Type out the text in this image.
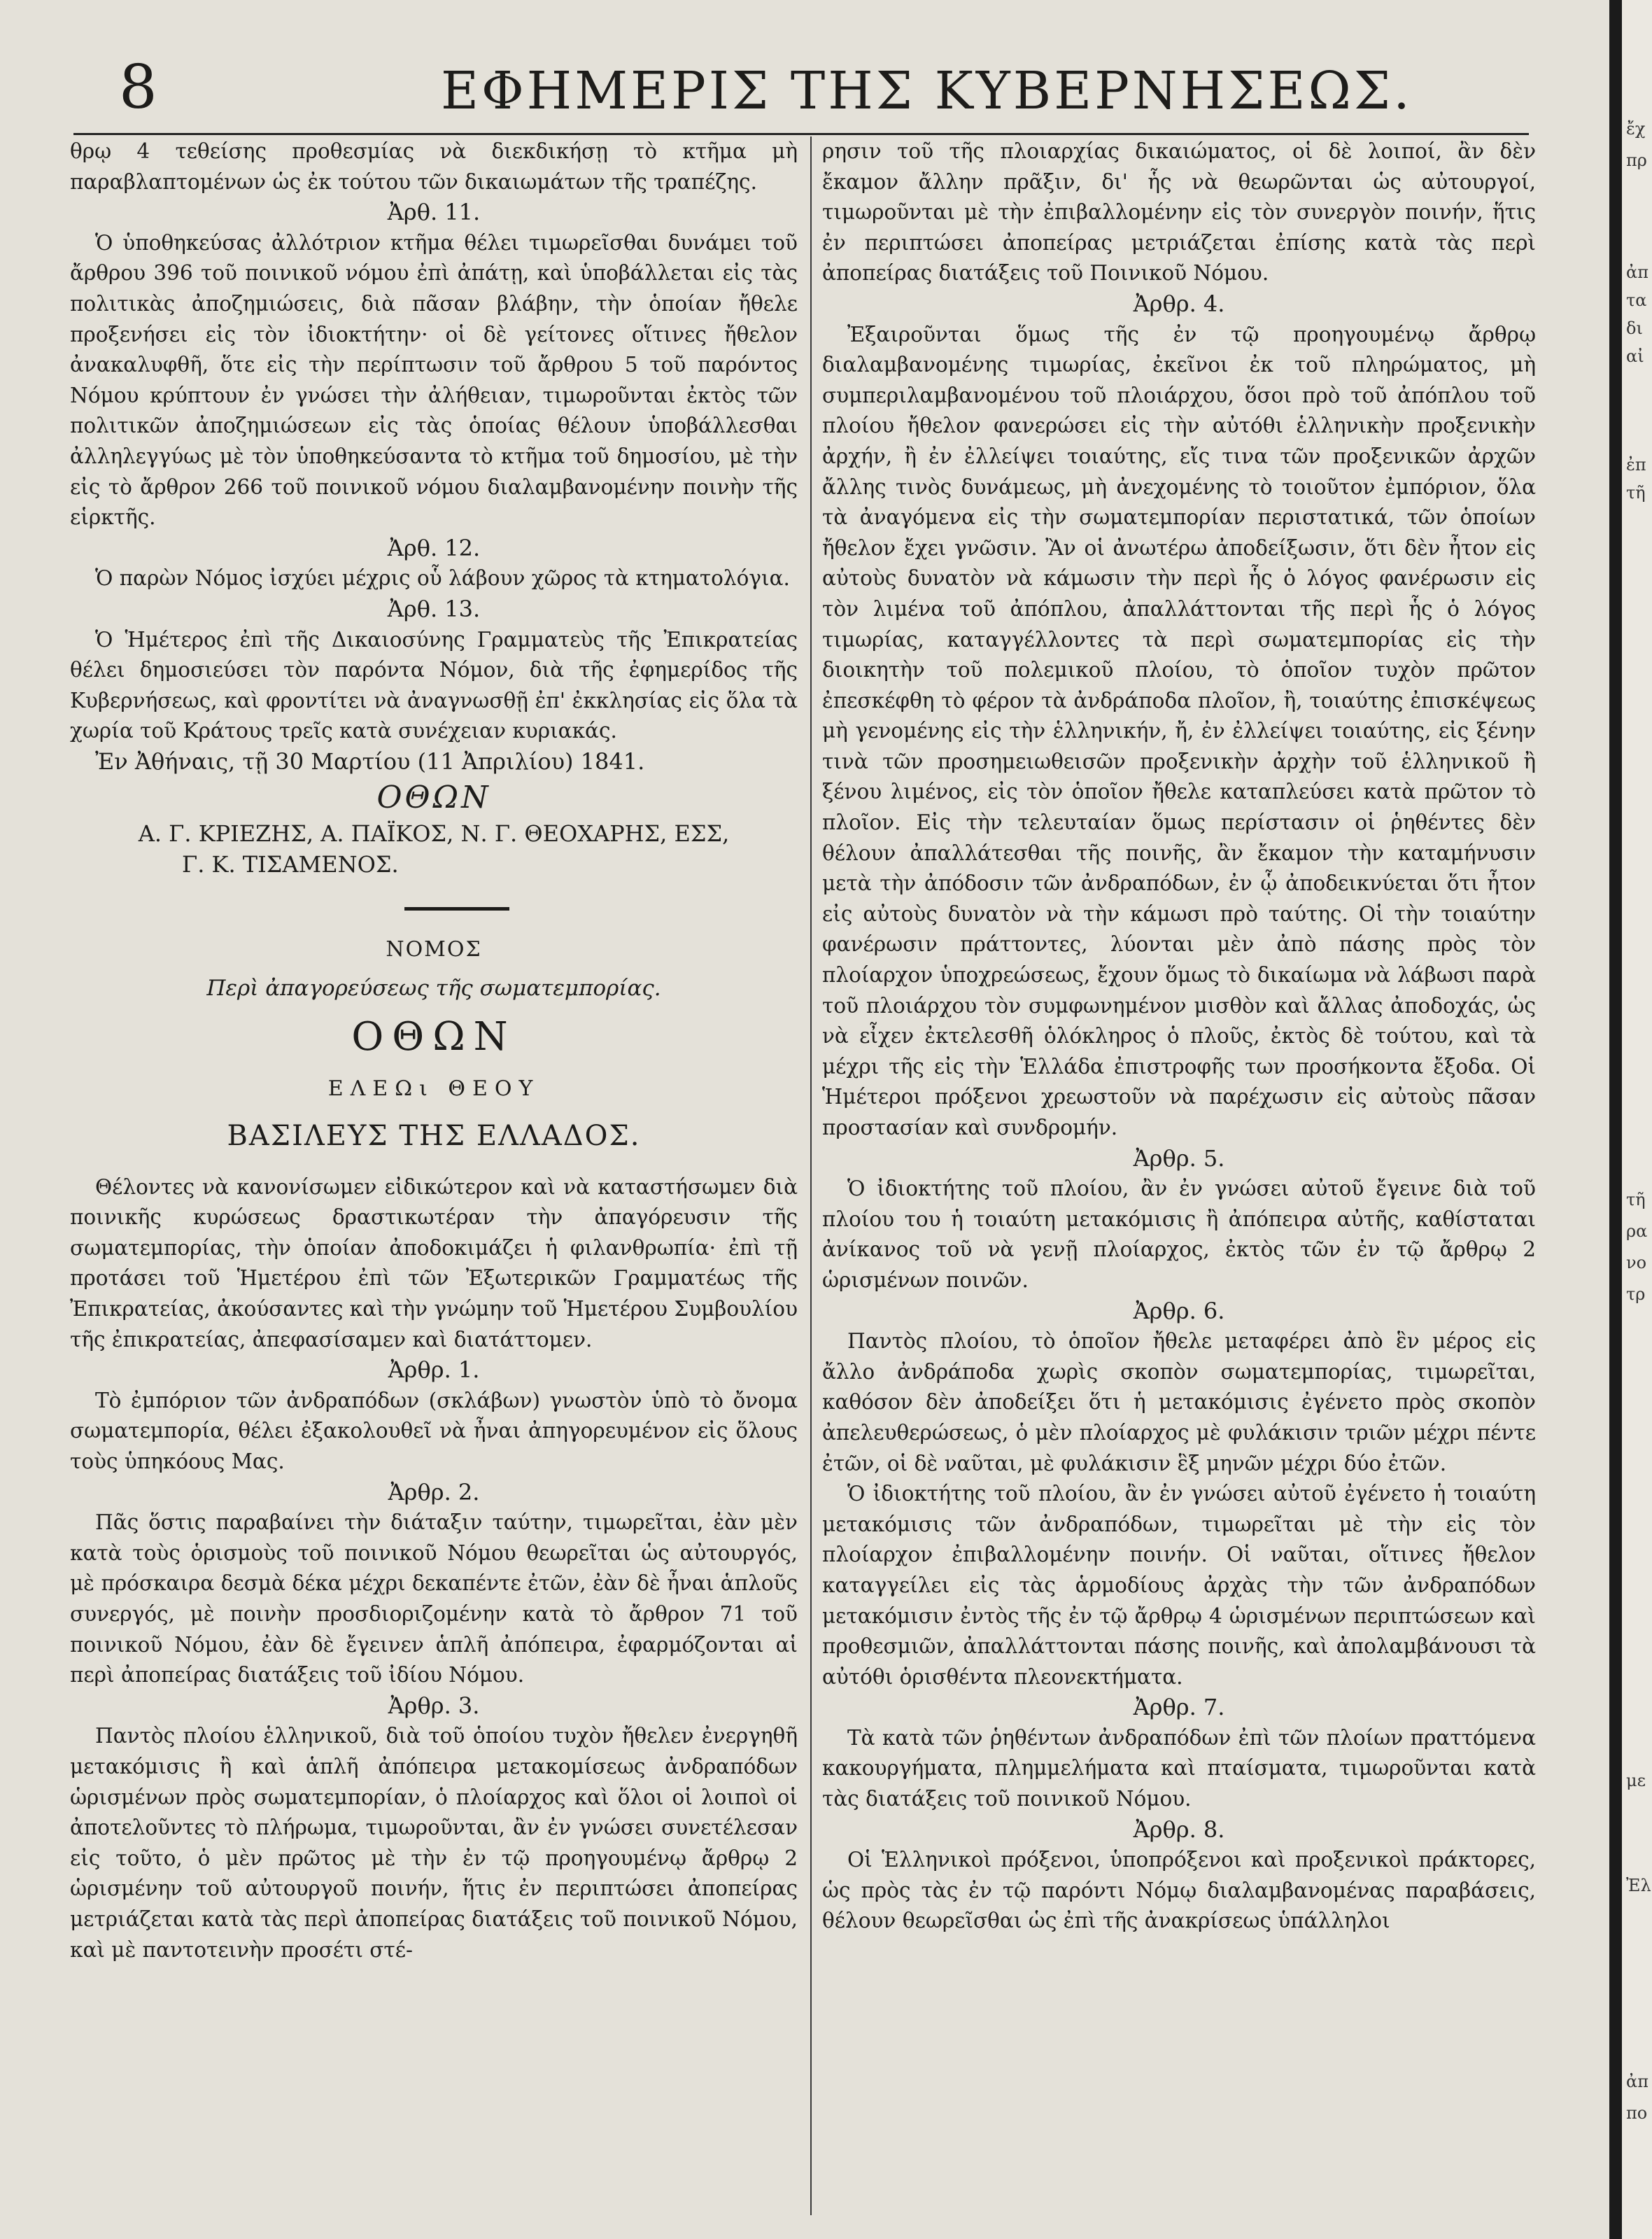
8	ΕΦΗΜΕΡΙΣ ΤΗΣ ΚΥΒΕΡΝΗΣΕΩΣ.

θρῳ 4 τεθείσης προθεσμίας νὰ διεκδικήσῃ τὸ κτῆμα μὴ παραβλαπτομένων ὡς ἐκ τούτου τῶν δικαιωμάτων τῆς τραπέζης.

Ἀρθ. 11.

Ὁ ὑποθηκεύσας ἀλλότριον κτῆμα θέλει τιμωρεῖσθαι δυνάμει τοῦ ἄρθρου 396 τοῦ ποινικοῦ νόμου ἐπὶ ἀπάτῃ, καὶ ὑποβάλλεται εἰς τὰς πολιτικὰς ἀποζημιώσεις, διὰ πᾶσαν βλάβην, τὴν ὁποίαν ἤθελε προξενήσει εἰς τὸν ἰδιοκτήτην· οἱ δὲ γείτονες οἵτινες ἤθελον ἀνακαλυφθῆ, ὅτε εἰς τὴν περίπτωσιν τοῦ ἄρθρου 5 τοῦ παρόντος Νόμου κρύπτουν ἐν γνώσει τὴν ἀλήθειαν, τιμωροῦνται ἐκτὸς τῶν πολιτικῶν ἀποζημιώσεων εἰς τὰς ὁποίας θέλουν ὑποβάλλεσθαι ἀλληλεγγύως μὲ τὸν ὑποθηκεύσαντα τὸ κτῆμα τοῦ δημοσίου, μὲ τὴν εἰς τὸ ἄρθρον 266 τοῦ ποινικοῦ νόμου διαλαμβανομένην ποινὴν τῆς εἱρκτῆς.

Ἀρθ. 12.

Ὁ παρὼν Νόμος ἰσχύει μέχρις οὗ λάβουν χῶρος τὰ κτηματολόγια.

Ἀρθ. 13.

Ὁ Ἡμέτερος ἐπὶ τῆς Δικαιοσύνης Γραμματεὺς τῆς Ἐπικρατείας θέλει δημοσιεύσει τὸν παρόντα Νόμον, διὰ τῆς ἐφημερίδος τῆς Κυβερνήσεως, καὶ φροντίτει νὰ ἀναγνωσθῇ ἐπ' ἐκκλησίας εἰς ὅλα τὰ χωρία τοῦ Κράτους τρεῖς κατὰ συνέχειαν κυριακάς.

Ἐν Ἀθήναις, τῇ 30 Μαρτίου (11 Ἀπριλίου) 1841.

ΟΘΩΝ

Α. Γ. ΚΡΙΕΖΗΣ, Α. ΠΑΪΚΟΣ, Ν. Γ. ΘΕΟΧΑΡΗΣ, ΕΣΣ,

Γ. Κ. ΤΙΣΑΜΕΝΟΣ.

ΝΟΜΟΣ

Περὶ ἀπαγορεύσεως τῆς σωματεμπορίας.

ΟΘΩΝ

ΕΛΕΩι ΘΕΟΥ

ΒΑΣΙΛΕΥΣ ΤΗΣ ΕΛΛΑΔΟΣ.

Θέλοντες νὰ κανονίσωμεν εἰδικώτερον καὶ νὰ καταστήσωμεν διὰ ποινικῆς κυρώσεως δραστικωτέραν τὴν ἀπαγόρευσιν τῆς σωματεμπορίας, τὴν ὁποίαν ἀποδοκιμάζει ἡ φιλανθρωπία· ἐπὶ τῇ προτάσει τοῦ Ἡμετέρου ἐπὶ τῶν Ἐξωτερικῶν Γραμματέως τῆς Ἐπικρατείας, ἀκούσαντες καὶ τὴν γνώμην τοῦ Ἡμετέρου Συμβουλίου τῆς ἐπικρατείας, ἀπεφασίσαμεν καὶ διατάττομεν.

Ἀρθρ. 1.

Τὸ ἐμπόριον τῶν ἀνδραπόδων (σκλάβων) γνωστὸν ὑπὸ τὸ ὄνομα σωματεμπορία, θέλει ἐξακολουθεῖ νὰ ἦναι ἀπηγορευμένον εἰς ὅλους τοὺς ὑπηκόους Μας.

Ἀρθρ. 2.

Πᾶς ὅστις παραβαίνει τὴν διάταξιν ταύτην, τιμωρεῖται, ἐὰν μὲν κατὰ τοὺς ὁρισμοὺς τοῦ ποινικοῦ Νόμου θεωρεῖται ὡς αὐτουργός, μὲ πρόσκαιρα δεσμὰ δέκα μέχρι δεκαπέντε ἐτῶν, ἐὰν δὲ ἦναι ἁπλοῦς συνεργός, μὲ ποινὴν προσδιοριζομένην κατὰ τὸ ἄρθρον 71 τοῦ ποινικοῦ Νόμου, ἐὰν δὲ ἔγεινεν ἁπλῆ ἀπόπειρα, ἐφαρμόζονται αἱ περὶ ἀποπείρας διατάξεις τοῦ ἰδίου Νόμου.

Ἀρθρ. 3.

Παντὸς πλοίου ἑλληνικοῦ, διὰ τοῦ ὁποίου τυχὸν ἤθελεν ἐνεργηθῆ μετακόμισις ἢ καὶ ἁπλῆ ἀπόπειρα μετακομίσεως ἀνδραπόδων ὡρισμένων πρὸς σωματεμπορίαν, ὁ πλοίαρχος καὶ ὅλοι οἱ λοιποὶ οἱ ἀποτελοῦντες τὸ πλήρωμα, τιμωροῦνται, ἂν ἐν γνώσει συνετέλεσαν εἰς τοῦτο, ὁ μὲν πρῶτος μὲ τὴν ἐν τῷ προηγουμένῳ ἄρθρῳ 2 ὡρισμένην τοῦ αὐτουργοῦ ποινήν, ἥτις ἐν περιπτώσει ἀποπείρας μετριάζεται κατὰ τὰς περὶ ἀποπείρας διατάξεις τοῦ ποινικοῦ Νόμου, καὶ μὲ παντοτεινὴν προσέτι στέ-

ρησιν τοῦ τῆς πλοιαρχίας δικαιώματος, οἱ δὲ λοιποί, ἂν δὲν ἔκαμον ἄλλην πρᾶξιν, δι' ἧς νὰ θεωρῶνται ὡς αὐτουργοί, τιμωροῦνται μὲ τὴν ἐπιβαλλομένην εἰς τὸν συνεργὸν ποινήν, ἥτις ἐν περιπτώσει ἀποπείρας μετριάζεται ἐπίσης κατὰ τὰς περὶ ἀποπείρας διατάξεις τοῦ Ποινικοῦ Νόμου.

Ἀρθρ. 4.

Ἐξαιροῦνται ὅμως τῆς ἐν τῷ προηγουμένῳ ἄρθρῳ διαλαμβανομένης τιμωρίας, ἐκεῖνοι ἐκ τοῦ πληρώματος, μὴ συμπεριλαμβανομένου τοῦ πλοιάρχου, ὅσοι πρὸ τοῦ ἀπόπλου τοῦ πλοίου ἤθελον φανερώσει εἰς τὴν αὐτόθι ἑλληνικὴν προξενικὴν ἀρχήν, ἢ ἐν ἐλλείψει τοιαύτης, εἴς τινα τῶν προξενικῶν ἀρχῶν ἄλλης τινὸς δυνάμεως, μὴ ἀνεχομένης τὸ τοιοῦτον ἐμπόριον, ὅλα τὰ ἀναγόμενα εἰς τὴν σωματεμπορίαν περιστατικά, τῶν ὁποίων ἤθελον ἔχει γνῶσιν. Ἂν οἱ ἀνωτέρω ἀποδείξωσιν, ὅτι δὲν ἦτον εἰς αὐτοὺς δυνατὸν νὰ κάμωσιν τὴν περὶ ἧς ὁ λόγος φανέρωσιν εἰς τὸν λιμένα τοῦ ἀπόπλου, ἀπαλλάττονται τῆς περὶ ἧς ὁ λόγος τιμωρίας, καταγγέλλοντες τὰ περὶ σωματεμπορίας εἰς τὴν διοικητὴν τοῦ πολεμικοῦ πλοίου, τὸ ὁποῖον τυχὸν πρῶτον ἐπεσκέφθη τὸ φέρον τὰ ἀνδράποδα πλοῖον, ἢ, τοιαύτης ἐπισκέψεως μὴ γενομένης εἰς τὴν ἑλληνικήν, ἤ, ἐν ἐλλείψει τοιαύτης, εἰς ξένην τινὰ τῶν προσημειωθεισῶν προξενικὴν ἀρχὴν τοῦ ἑλληνικοῦ ἢ ξένου λιμένος, εἰς τὸν ὁποῖον ἤθελε καταπλεύσει κατὰ πρῶτον τὸ πλοῖον. Εἰς τὴν τελευταίαν ὅμως περίστασιν οἱ ῥηθέντες δὲν θέλουν ἀπαλλάτεσθαι τῆς ποινῆς, ἂν ἔκαμον τὴν καταμήνυσιν μετὰ τὴν ἀπόδοσιν τῶν ἀνδραπόδων, ἐν ᾧ ἀποδεικνύεται ὅτι ἦτον εἰς αὐτοὺς δυνατὸν νὰ τὴν κάμωσι πρὸ ταύτης. Οἱ τὴν τοιαύτην φανέρωσιν πράττοντες, λύονται μὲν ἀπὸ πάσης πρὸς τὸν πλοίαρχον ὑποχρεώσεως, ἔχουν ὅμως τὸ δικαίωμα νὰ λάβωσι παρὰ τοῦ πλοιάρχου τὸν συμφωνημένον μισθὸν καὶ ἄλλας ἀποδοχάς, ὡς νὰ εἶχεν ἐκτελεσθῆ ὁλόκληρος ὁ πλοῦς, ἐκτὸς δὲ τούτου, καὶ τὰ μέχρι τῆς εἰς τὴν Ἑλλάδα ἐπιστροφῆς των προσήκοντα ἔξοδα. Οἱ Ἡμέτεροι πρόξενοι χρεωστοῦν νὰ παρέχωσιν εἰς αὐτοὺς πᾶσαν προστασίαν καὶ συνδρομήν.

Ἀρθρ. 5.

Ὁ ἰδιοκτήτης τοῦ πλοίου, ἂν ἐν γνώσει αὐτοῦ ἔγεινε διὰ τοῦ πλοίου του ἡ τοιαύτη μετακόμισις ἢ ἀπόπειρα αὐτῆς, καθίσταται ἀνίκανος τοῦ νὰ γενῇ πλοίαρχος, ἐκτὸς τῶν ἐν τῷ ἄρθρῳ 2 ὡρισμένων ποινῶν.

Ἀρθρ. 6.

Παντὸς πλοίου, τὸ ὁποῖον ἤθελε μεταφέρει ἀπὸ ἓν μέρος εἰς ἄλλο ἀνδράποδα χωρὶς σκοπὸν σωματεμπορίας, τιμωρεῖται, καθόσον δὲν ἀποδείξει ὅτι ἡ μετακόμισις ἐγένετο πρὸς σκοπὸν ἀπελευθερώσεως, ὁ μὲν πλοίαρχος μὲ φυλάκισιν τριῶν μέχρι πέντε ἐτῶν, οἱ δὲ ναῦται, μὲ φυλάκισιν ἓξ μηνῶν μέχρι δύο ἐτῶν.

Ὁ ἰδιοκτήτης τοῦ πλοίου, ἂν ἐν γνώσει αὐτοῦ ἐγένετο ἡ τοιαύτη μετακόμισις τῶν ἀνδραπόδων, τιμωρεῖται μὲ τὴν εἰς τὸν πλοίαρχον ἐπιβαλλομένην ποινήν. Οἱ ναῦται, οἵτινες ἤθελον καταγγείλει εἰς τὰς ἁρμοδίους ἀρχὰς τὴν τῶν ἀνδραπόδων μετακόμισιν ἐντὸς τῆς ἐν τῷ ἄρθρῳ 4 ὡρισμένων περιπτώσεων καὶ προθεσμιῶν, ἀπαλλάττονται πάσης ποινῆς, καὶ ἀπολαμβάνουσι τὰ αὐτόθι ὁρισθέντα πλεονεκτήματα.

Ἀρθρ. 7.

Τὰ κατὰ τῶν ῥηθέντων ἀνδραπόδων ἐπὶ τῶν πλοίων πραττόμενα κακουργήματα, πλημμελήματα καὶ πταίσματα, τιμωροῦνται κατὰ τὰς διατάξεις τοῦ ποινικοῦ Νόμου.

Ἀρθρ. 8.

Οἱ Ἑλληνικοὶ πρόξενοι, ὑποπρόξενοι καὶ προξενικοὶ πράκτορες, ὡς πρὸς τὰς ἐν τῷ παρόντι Νόμῳ διαλαμβανομένας παραβάσεις, θέλουν θεωρεῖσθαι ὡς ἐπὶ τῆς ἀνακρίσεως ὑπάλληλοι

ἔχ
πρ
ἀπ
τα
δι
αἰ
ἐπ
τῆ
τῆ
ρα
νο
τρ
με
Ἐλ
ἀπ
πο
